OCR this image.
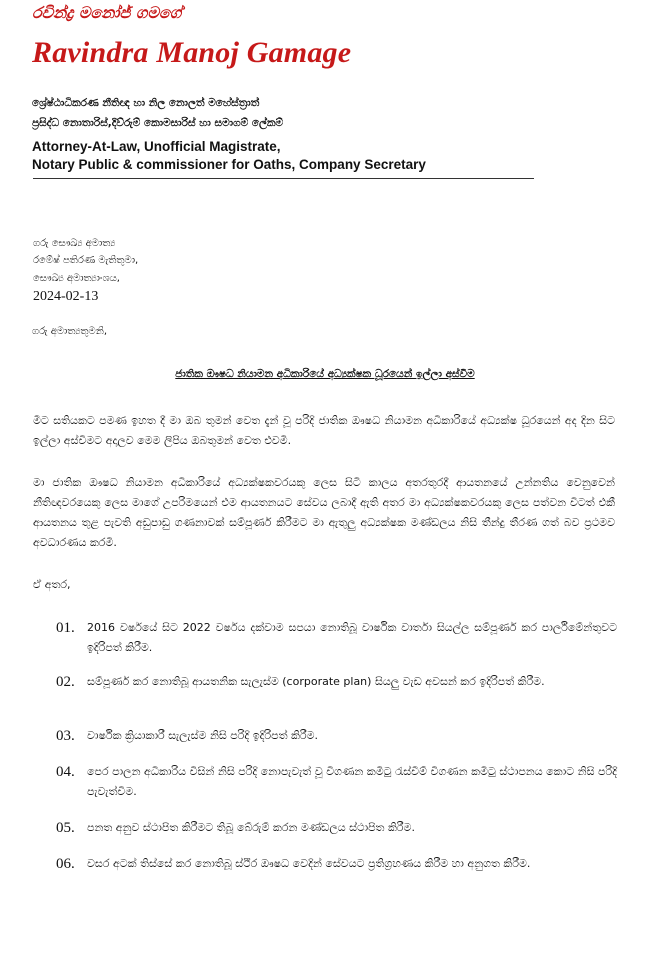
රවින්ද්‍ර මනෝජ් ගමගේ
Ravindra Manoj Gamage
ශ්‍රේෂ්ඨාධිකරණ නීතිඥ හා නිල නොලත් මහේස්ත්‍රාත්
ප්‍රසිද්ධ නොතාරිස්,දිව්රුම් කොමසාරිස් හා සමාගම් ලේකම්
Attorney-At-Law, Unofficial Magistrate,
Notary Public & commissioner for Oaths, Company Secretary
ගරු සෞඛ්‍ය අමාත්‍ය
රමේෂ් පතිරණ මැතිතුමා,
සෞඛ්‍ය අමාත්‍යාංශය,
2024-02-13
ගරු අමාත්‍යතුමනි,
ජාතික ඖෂධ නියාමන අධිකාරියේ අධ්‍යක්ෂක ධූරයෙන් ඉල්ලා අස්වීම
මීට සතියකට පමණ ඉහත දී මා ඔබ තුමන් වෙත දැන් වූ පරිදි ජාතික ඖෂධ නියාමන අධිකාරියේ අධ්‍යක්ෂ ධූරයෙන් අද දින සිට ඉල්ලා අස්වීමට අදාලව මෙම ලිපිය ඔබතුමන් වෙත එවමි.
මා ජාතික ඖෂධ නියාමන අධිකාරියේ අධ්‍යක්ෂකවරයකු ලෙස සිටි කාලය අතරතුරදී ආයතනයේ උන්නතිය වෙනුවෙන් නීතිඥවරයෙකු ලෙස මාගේ උපරිමයෙන් එම ආයතනයට සේවය ලබාදී ඇති අතර මා අධ්‍යක්ෂකවරයකු ලෙස පත්වන විටත් එකී ආයතනය තුළ පැවති අඩුපාඩු ගණනාවක් සම්පූර්ණ කිරීමට මා ඇතුලු අධ්‍යක්ෂක මණ්ඩලය නිසි තීන්දු තීරණ ගත් බව ප්‍රථමව අවධාරණය කරමි.
ඒ අතර,
01. 2016 වර්ෂයේ සිට 2022 වර්ෂය දක්වාම සපයා නොතිබූ වාර්ෂික වාර්තා සියල්ල සම්පූර්ණ කර පාර්ලිමේන්තුවට ඉදිරිපත් කිරීම.
02. සම්පූර්ණ කර නොතිබූ ආයතනික සැලැස්ම (corporate plan) සියලු වැඩ අවසන් කර ඉදිරිපත් කිරීම.
03. වාර්ෂික ක්‍රියාකාරී සැලැස්ම නිසි පරිදි ඉදිරිපත් කිරීම.
04. පෙර පාලන අධිකාරිය විසින් නිසි පරිදි නොපැවැත් වූ විගණන කමිටු රැස්වීම් විගණන කමිටු ස්ථාපනය කොට නිසි පරිදි පැවැත්වීම.
05. පනත අනුව ස්ථාපිත කිරීමට තිබූ බේරුම් කරන මණ්ඩලය ස්ථාපිත කිරීම.
06. වසර අටක් තිස්සේ කර නොතිබූ ස්ථිර ඖෂධ වෙදින් සේවයට ප්‍රතිග්‍රහණය කිරීම හා අනුගත කිරීම.
